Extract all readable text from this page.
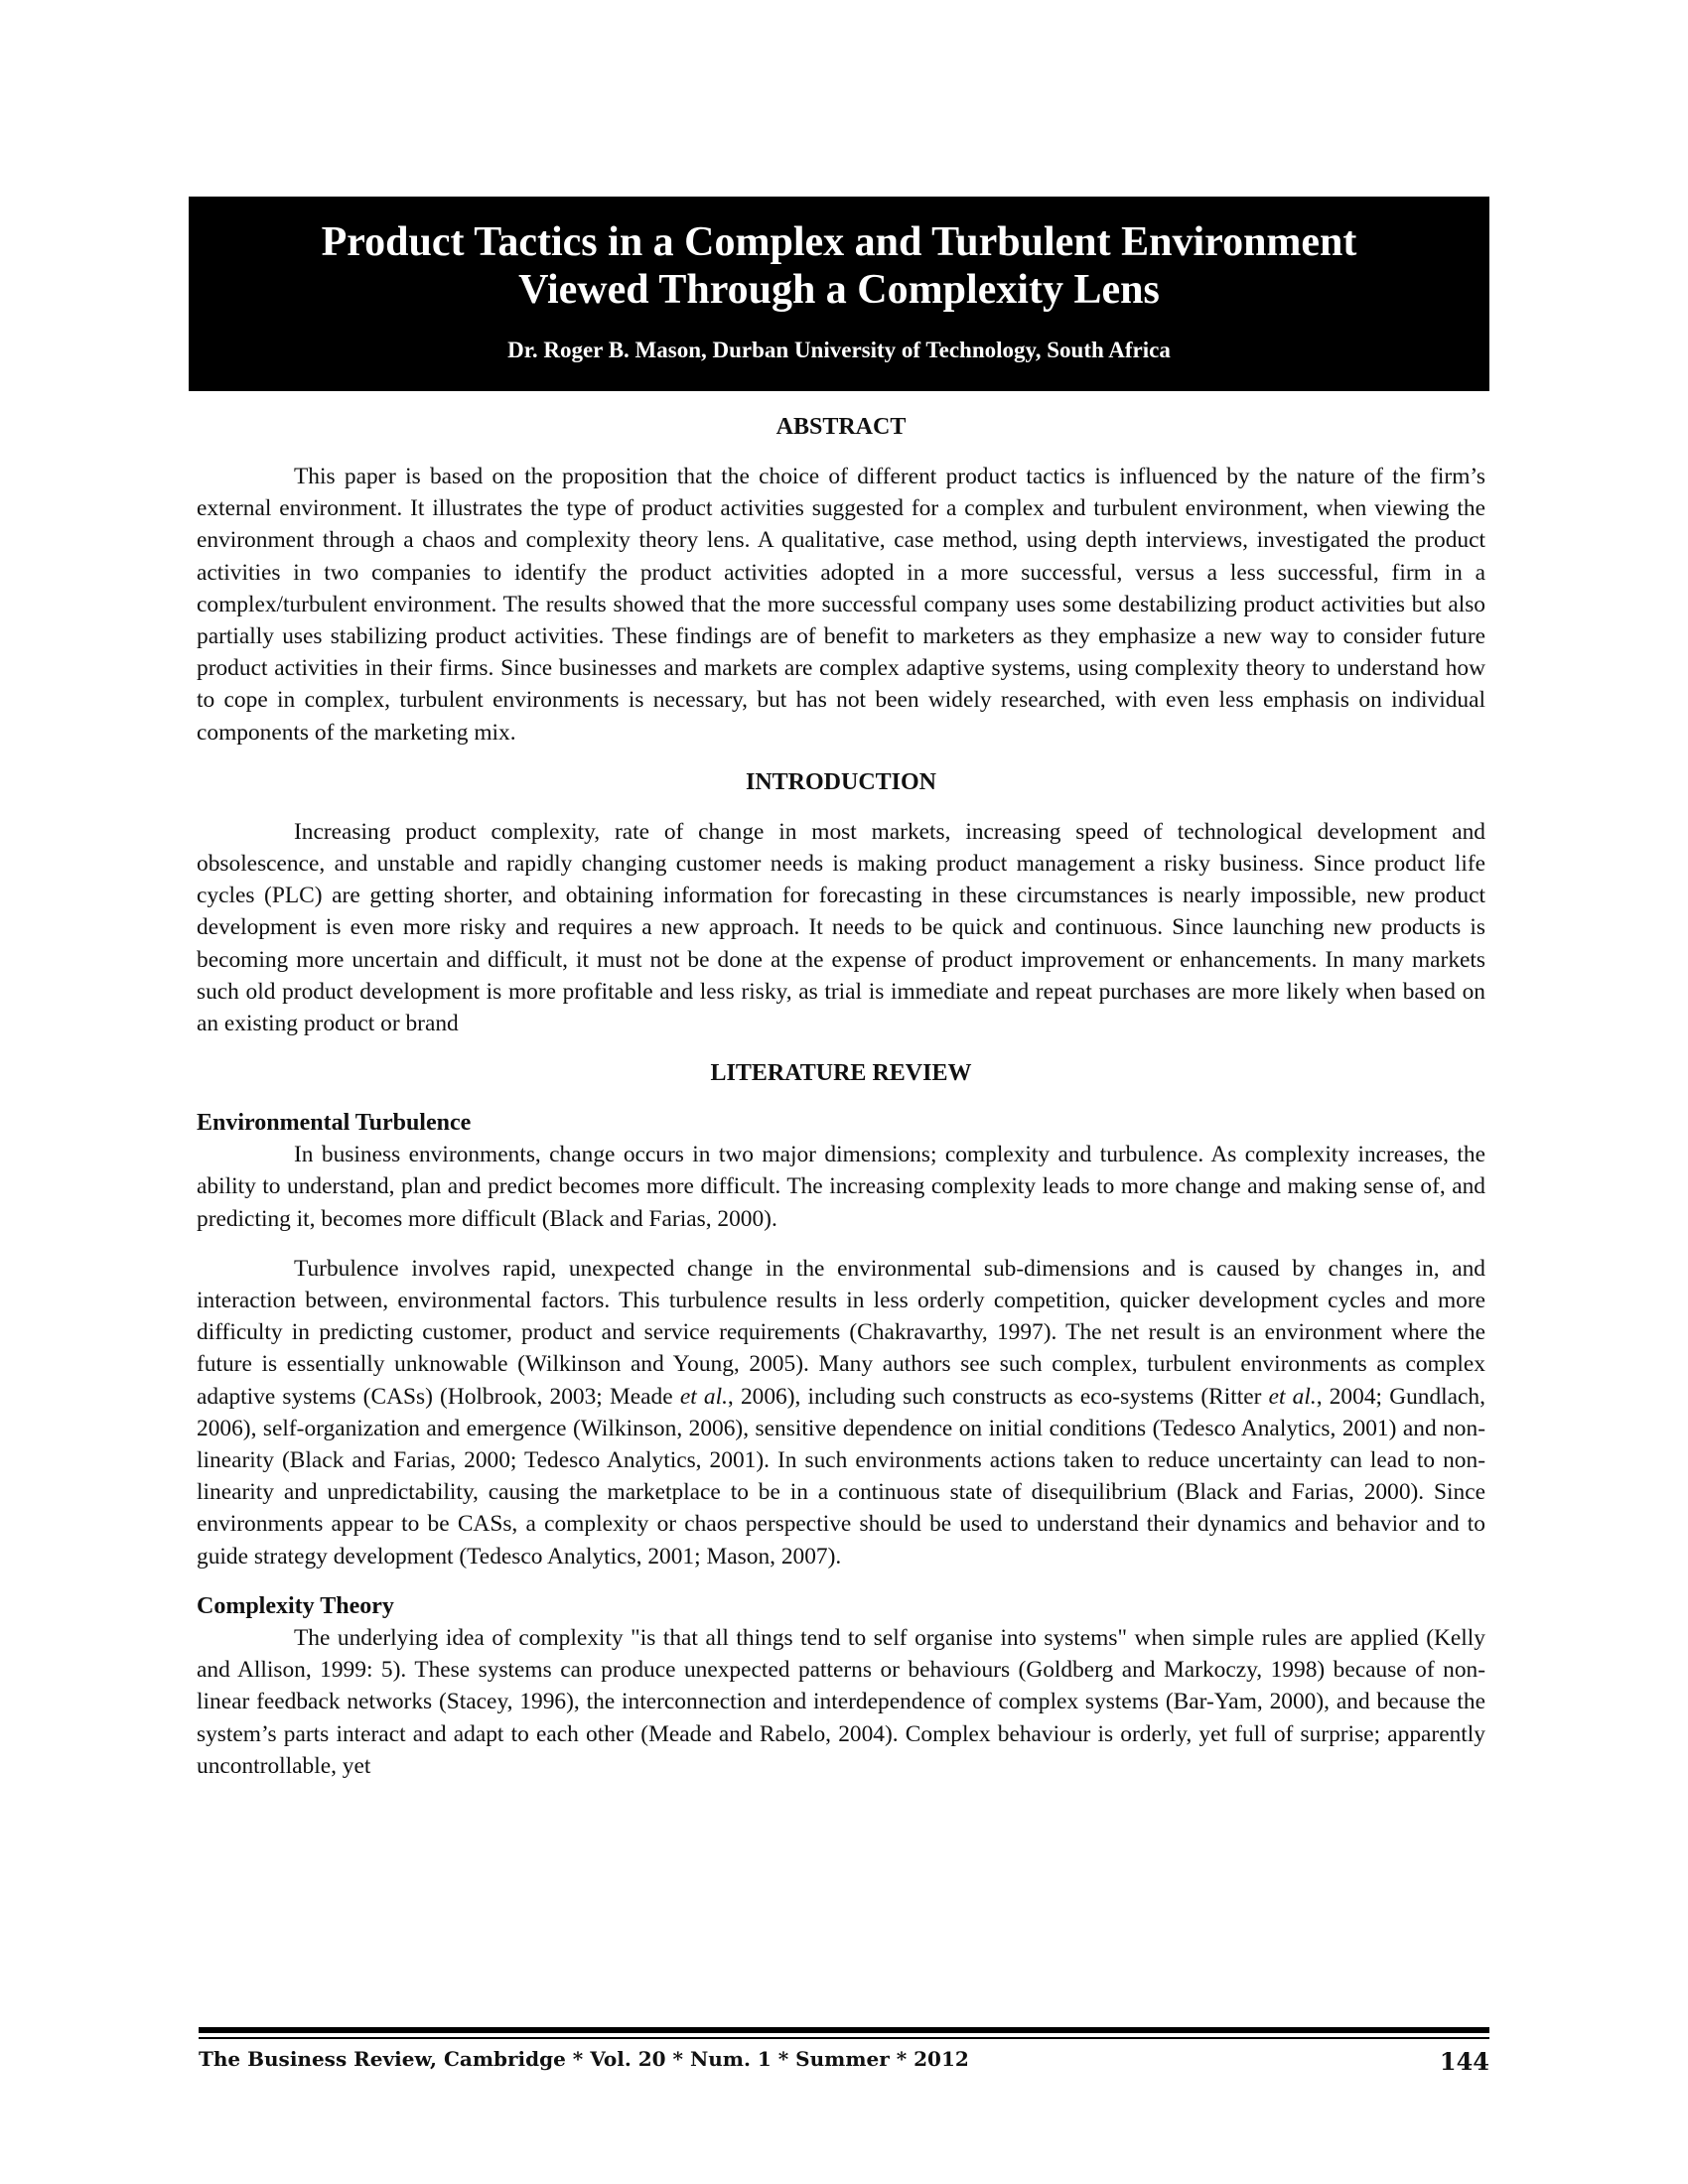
Product Tactics in a Complex and Turbulent Environment
Viewed Through a Complexity Lens
Dr. Roger B. Mason, Durban University of Technology, South Africa
ABSTRACT

This paper is based on the proposition that the choice of different product tactics is influenced by the nature of the firm’s external environment. It illustrates the type of product activities suggested for a complex and turbulent environment, when viewing the environment through a chaos and complexity theory lens. A qualitative, case method, using depth interviews, investigated the product activities in two companies to identify the product activities adopted in a more successful, versus a less successful, firm in a complex/turbulent environment. The results showed that the more successful company uses some destabilizing product activities but also partially uses stabilizing product activities. These findings are of benefit to marketers as they emphasize a new way to consider future product activities in their firms. Since businesses and markets are complex adaptive systems, using complexity theory to understand how to cope in complex, turbulent environments is necessary, but has not been widely researched, with even less emphasis on individual components of the marketing mix.

INTRODUCTION

Increasing product complexity, rate of change in most markets, increasing speed of technological development and obsolescence, and unstable and rapidly changing customer needs is making product management a risky business. Since product life cycles (PLC) are getting shorter, and obtaining information for forecasting in these circumstances is nearly impossible, new product development is even more risky and requires a new approach. It needs to be quick and continuous. Since launching new products is becoming more uncertain and difficult, it must not be done at the expense of product improvement or enhancements. In many markets such old product development is more profitable and less risky, as trial is immediate and repeat purchases are more likely when based on an existing product or brand

LITERATURE REVIEW
Environmental Turbulence

In business environments, change occurs in two major dimensions; complexity and turbulence. As complexity increases, the ability to understand, plan and predict becomes more difficult. The increasing complexity leads to more change and making sense of, and predicting it, becomes more difficult (Black and Farias, 2000).

Turbulence involves rapid, unexpected change in the environmental sub-dimensions and is caused by changes in, and interaction between, environmental factors. This turbulence results in less orderly competition, quicker development cycles and more difficulty in predicting customer, product and service requirements (Chakravarthy, 1997). The net result is an environment where the future is essentially unknowable (Wilkinson and Young, 2005). Many authors see such complex, turbulent environments as complex adaptive systems (CASs) (Holbrook, 2003; Meade et al., 2006), including such constructs as eco-systems (Ritter et al., 2004; Gundlach, 2006), self-organization and emergence (Wilkinson, 2006), sensitive dependence on initial conditions (Tedesco Analytics, 2001) and non-linearity (Black and Farias, 2000; Tedesco Analytics, 2001). In such environments actions taken to reduce uncertainty can lead to non-linearity and unpredictability, causing the marketplace to be in a continuous state of disequilibrium (Black and Farias, 2000). Since environments appear to be CASs, a complexity or chaos perspective should be used to understand their dynamics and behavior and to guide strategy development (Tedesco Analytics, 2001; Mason, 2007).

Complexity Theory

The underlying idea of complexity "is that all things tend to self organise into systems" when simple rules are applied (Kelly and Allison, 1999: 5). These systems can produce unexpected patterns or behaviours (Goldberg and Markoczy, 1998) because of non-linear feedback networks (Stacey, 1996), the interconnection and interdependence of complex systems (Bar-Yam, 2000), and because the system’s parts interact and adapt to each other (Meade and Rabelo, 2004). Complex behaviour is orderly, yet full of surprise; apparently uncontrollable, yet

The Business Review, Cambridge * Vol. 20 * Num. 1 * Summer * 2012	144
